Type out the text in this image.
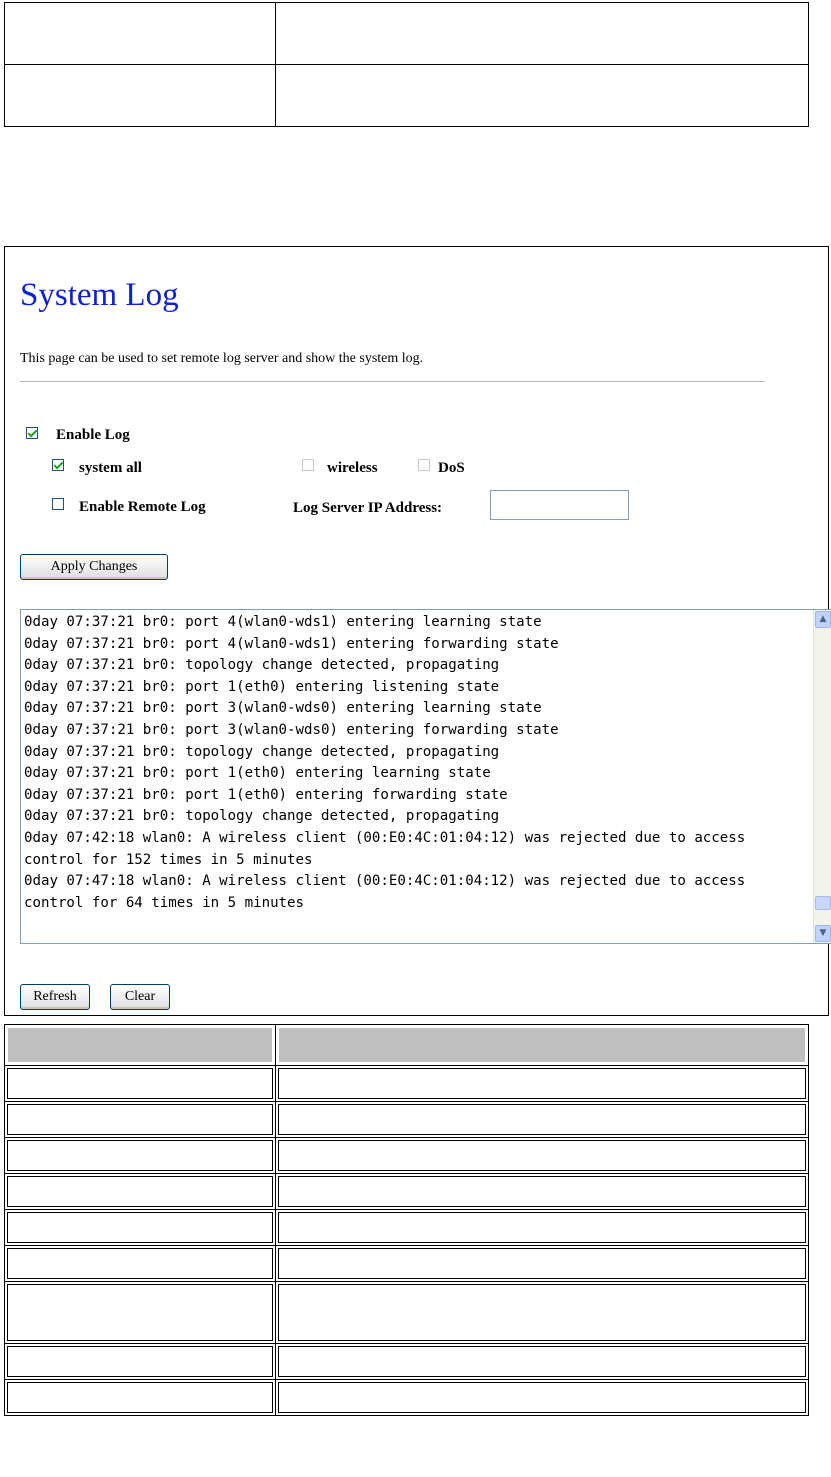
System Log

This page can be used to set remote log server and show the system log.

Enable Log
system all	wireless	DoS
Enable Remote Log	Log Server IP Address:
Apply Changes
0day 07:37:21 br0: port 4(wlan0-wds1) entering learning state
0day 07:37:21 br0: port 4(wlan0-wds1) entering forwarding state
0day 07:37:21 br0: topology change detected, propagating
0day 07:37:21 br0: port 1(eth0) entering listening state
0day 07:37:21 br0: port 3(wlan0-wds0) entering learning state
0day 07:37:21 br0: port 3(wlan0-wds0) entering forwarding state
0day 07:37:21 br0: topology change detected, propagating
0day 07:37:21 br0: port 1(eth0) entering learning state
0day 07:37:21 br0: port 1(eth0) entering forwarding state
0day 07:37:21 br0: topology change detected, propagating
0day 07:42:18 wlan0: A wireless client (00:E0:4C:01:04:12) was rejected due to access control for 152 times in 5 minutes
0day 07:47:18 wlan0: A wireless client (00:E0:4C:01:04:12) was rejected due to access control for 64 times in 5 minutes
▲
▼
Refresh	Clear
